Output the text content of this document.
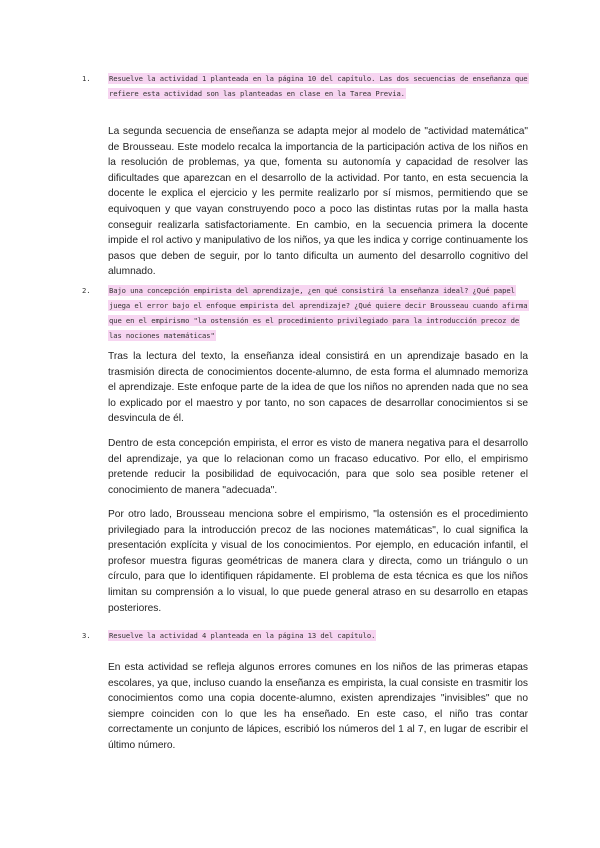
1.	Resuelve la actividad 1 planteada en la página 10 del capítulo. Las dos secuencias de enseñanza que refiere esta actividad son las planteadas en clase en la Tarea Previa.

La segunda secuencia de enseñanza se adapta mejor al modelo de "actividad matemática" de Brousseau. Este modelo recalca la importancia de la participación activa de los niños en la resolución de problemas, ya que, fomenta su autonomía y capacidad de resolver las dificultades que aparezcan en el desarrollo de la actividad. Por tanto, en esta secuencia la docente le explica el ejercicio y les permite realizarlo por sí mismos, permitiendo que se equivoquen y que vayan construyendo poco a poco las distintas rutas por la malla hasta conseguir realizarla satisfactoriamente. En cambio, en la secuencia primera la docente impide el rol activo y manipulativo de los niños, ya que les indica y corrige continuamente los pasos que deben de seguir, por lo tanto dificulta un aumento del desarrollo cognitivo del alumnado.

2.	Bajo una concepción empirista del aprendizaje, ¿en qué consistirá la enseñanza ideal? ¿Qué papel juega el error bajo el enfoque empirista del aprendizaje? ¿Qué quiere decir Brousseau cuando afirma que en el empirismo "la ostensión es el procedimiento privilegiado para la introducción precoz de las nociones matemáticas"

Tras la lectura del texto, la enseñanza ideal consistirá en un aprendizaje basado en la trasmisión directa de conocimientos docente-alumno, de esta forma el alumnado memoriza el aprendizaje. Este enfoque parte de la idea de que los niños no aprenden nada que no sea lo explicado por el maestro y por tanto, no son capaces de desarrollar conocimientos si se desvincula de él.

Dentro de esta concepción empirista, el error es visto de manera negativa para el desarrollo del aprendizaje, ya que lo relacionan como un fracaso educativo. Por ello, el empirismo pretende reducir la posibilidad de equivocación, para que solo sea posible retener el conocimiento de manera "adecuada".

Por otro lado, Brousseau menciona sobre el empirismo, "la ostensión es el procedimiento privilegiado para la introducción precoz de las nociones matemáticas", lo cual significa la presentación explícita y visual de los conocimientos. Por ejemplo, en educación infantil, el profesor muestra figuras geométricas de manera clara y directa, como un triángulo o un círculo, para que lo identifiquen rápidamente. El problema de esta técnica es que los niños limitan su comprensión a lo visual, lo que puede general atraso en su desarrollo en etapas posteriores.

3.	Resuelve la actividad 4 planteada en la página 13 del capítulo.

En esta actividad se refleja algunos errores comunes en los niños de las primeras etapas escolares, ya que, incluso cuando la enseñanza es empirista, la cual consiste en trasmitir los conocimientos como una copia docente-alumno, existen aprendizajes "invisibles" que no siempre coinciden con lo que les ha enseñado. En este caso, el niño tras contar correctamente un conjunto de lápices, escribió los números del 1 al 7, en lugar de escribir el último número.
